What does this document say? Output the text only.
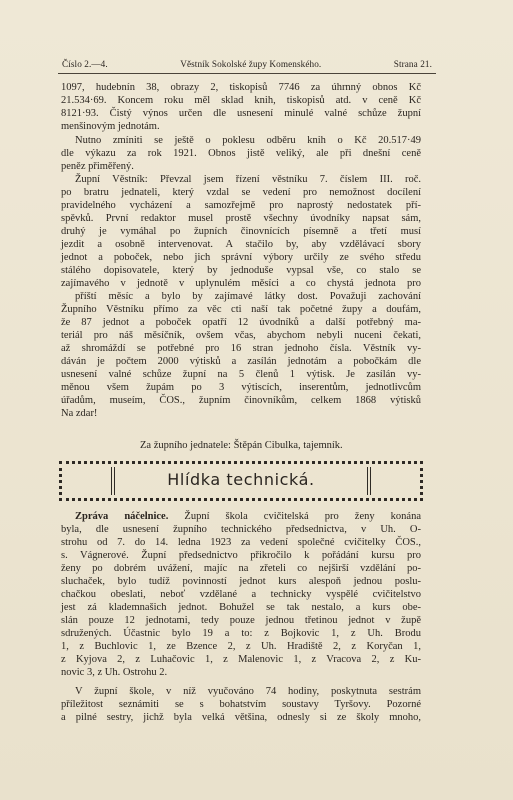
Číslo 2.—4.	Věstník Sokolské župy Komenského.	Strana 21.
1097, hudebnín 38, obrazy 2, tiskopisů 7746 za úhrnný obnos Kč
21.534·69. Koncem roku měl sklad knih, tiskopisů atd. v ceně Kč
8121·93. Čistý výnos určen dle usnesení minulé valné schůze župní
menšinovým jednotám.
Nutno zmíniti se ještě o poklesu odběru knih o Kč 20.517·49
dle výkazu za rok 1921. Obnos jistě veliký, ale při dnešní ceně
peněz přiměřený.
Župní Věstník: Převzal jsem řízení věstníku 7. číslem III. roč.
po bratru jednateli, který vzdal se vedení pro nemožnost docílení
pravidelného vycházení a samozřejmě pro naprostý nedostatek pří-
spěvků. První redaktor musel prostě všechny úvodníky napsat sám,
druhý je vymáhal po župních činovnících písemně a třetí musí
jezdit a osobně intervenovat. A stačilo by, aby vzdělávací sbory
jednot a poboček, nebo jich správní výbory určily ze svého středu
stálého dopisovatele, který by jednoduše vypsal vše, co stalo se
zajímavého v jednotě v uplynulém měsíci a co chystá jednota pro
příští měsíc a bylo by zajímavé látky dost. Považuji zachování
Župního Věstníku přímo za věc cti naší tak početné župy a doufám,
že 87 jednot a poboček opatří 12 úvodníků a další potřebný ma-
teriál pro náš měsíčník, ovšem včas, abychom nebyli nuceni čekati,
až shromáždí se potřebné pro 16 stran jednoho čísla. Věstník vy-
dáván je počtem 2000 výtisků a zasílán jednotám a pobočkám dle
usnesení valné schůze župní na 5 členů 1 výtisk. Je zasílán vy-
měnou všem župám po 3 výtiscích, inserentům, jednotlivcům
úřadům, museím, ČOS., župním činovníkům, celkem 1868 výtisků
Na zdar!
Za župního jednatele: Štěpán Cibulka, tajemník.
Hlídka technická.
Zpráva náčelnice. Župní škola cvičitelská pro ženy konána
byla, dle usnesení župního technického předsednictva, v Uh. O-
strohu od 7. do 14. ledna 1923 za vedení společné cvičitelky ČOS.,
s. Vágnerové. Župní předsednictvo přikročilo k pořádání kursu pro
ženy po dobrém uvážení, majíc na zřeteli co nejširší vzdělání po-
sluchaček, bylo tudíž povinností jednot kurs alespoň jednou poslu-
chačkou obeslati, neboť vzdělané a technicky vyspělé cvičitelstvo
jest zá klademnašich jednot. Bohužel se tak nestalo, a kurs obe-
slán pouze 12 jednotami, tedy pouze jednou třetinou jednot v župě
sdružených. Účastnic bylo 19 a to: z Bojkovic 1, z Uh. Brodu
1, z Buchlovic 1, ze Bzence 2, z Uh. Hradiště 2, z Koryčan 1,
z Kyjova 2, z Luhačovic 1, z Malenovic 1, z Vracova 2, z Ku-
novic 3, z Uh. Ostrohu 2.
V župní škole, v níž vyučováno 74 hodiny, poskytnuta sestrám
příležitost seznámiti se s bohatstvím soustavy Tyršovy. Pozorné
a pilné sestry, jichž byla velká většina, odnesly si ze školy mnoho,
